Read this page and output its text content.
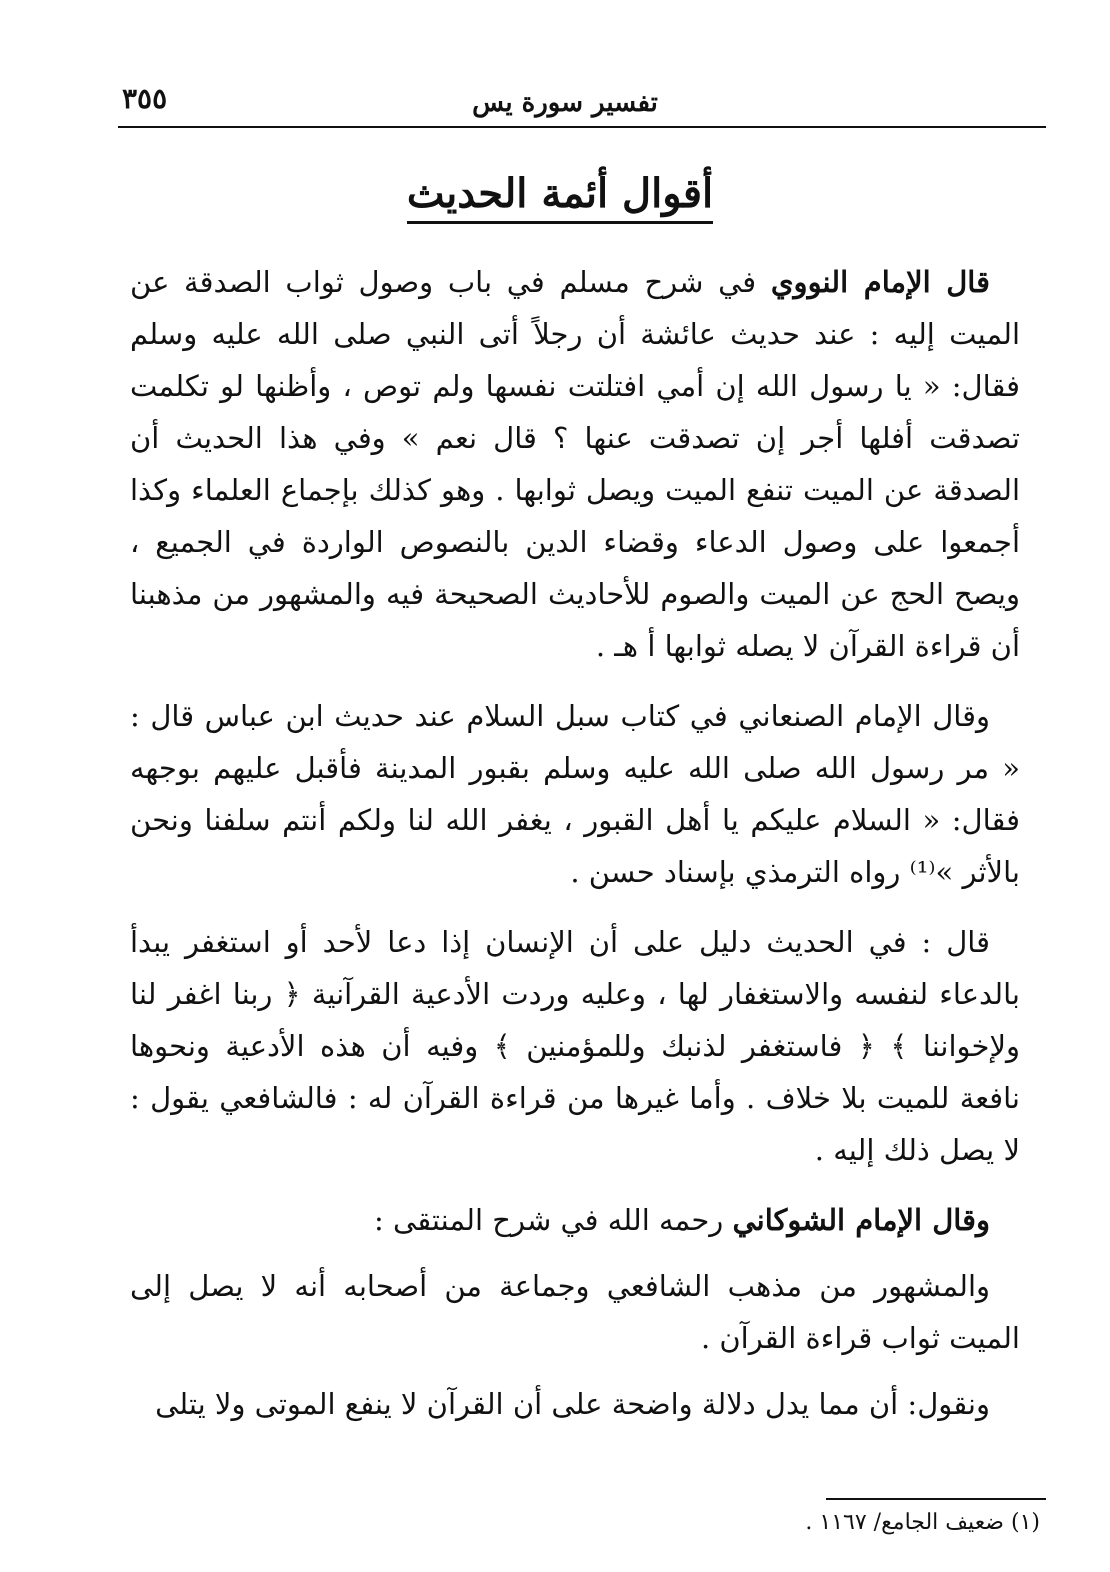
٣٥٥	تفسير سورة يس
أقوال أئمة الحديث

قال الإمام النووي في شرح مسلم في باب وصول ثواب الصدقة عن الميت إليه : عند حديث عائشة أن رجلاً أتى النبي صلى الله عليه وسلم فقال: « يا رسول الله إن أمي افتلتت نفسها ولم توص ، وأظنها لو تكلمت تصدقت أفلها أجر إن تصدقت عنها ؟ قال نعم » وفي هذا الحديث أن الصدقة عن الميت تنفع الميت ويصل ثوابها . وهو كذلك بإجماع العلماء وكذا أجمعوا على وصول الدعاء وقضاء الدين بالنصوص الواردة في الجميع ، ويصح الحج عن الميت والصوم للأحاديث الصحيحة فيه والمشهور من مذهبنا أن قراءة القرآن لا يصله ثوابها أ هـ .

وقال الإمام الصنعاني في كتاب سبل السلام عند حديث ابن عباس قال : « مر رسول الله صلى الله عليه وسلم بقبور المدينة فأقبل عليهم بوجهه فقال: « السلام عليكم يا أهل القبور ، يغفر الله لنا ولكم أنتم سلفنا ونحن بالأثر »⁽¹⁾ رواه الترمذي بإسناد حسن .

قال : في الحديث دليل على أن الإنسان إذا دعا لأحد أو استغفر يبدأ بالدعاء لنفسه والاستغفار لها ، وعليه وردت الأدعية القرآنية ﴿ ربنا اغفر لنا ولإخواننا ﴾ ﴿ فاستغفر لذنبك وللمؤمنين ﴾ وفيه أن هذه الأدعية ونحوها نافعة للميت بلا خلاف . وأما غيرها من قراءة القرآن له : فالشافعي يقول : لا يصل ذلك إليه .

وقال الإمام الشوكاني رحمه الله في شرح المنتقى :

والمشهور من مذهب الشافعي وجماعة من أصحابه أنه لا يصل إلى الميت ثواب قراءة القرآن .

ونقول: أن مما يدل دلالة واضحة على أن القرآن لا ينفع الموتى ولا يتلى

(١) ضعيف الجامع/ ١١٦٧ .
